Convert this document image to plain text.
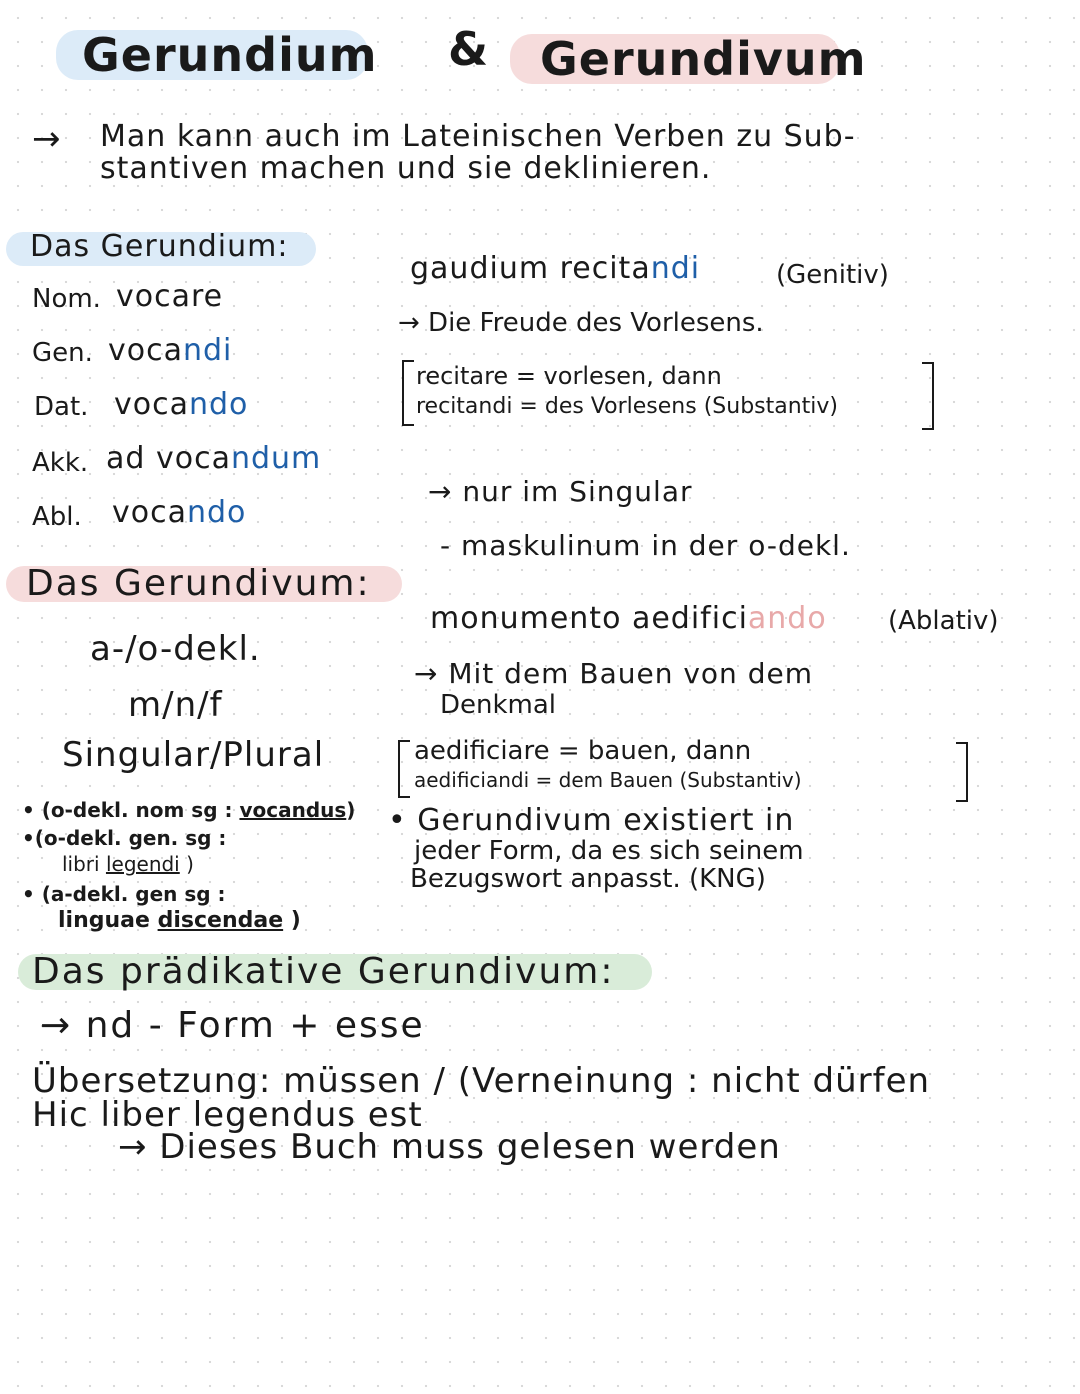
Gerundium & Gerundivum
→ Man kann auch im Lateinischen Verben zu Sub-
stantiven machen und sie deklinieren.
Das Gerundium:
Nom. vocare
Gen. vocandi
Dat. vocando
Akk. ad vocandum
Abl. vocando
gaudium recitandi	(Genitiv)
→ Die Freude des Vorlesens.
recitare = vorlesen, dann
recitandi = des Vorlesens (Substantiv)
→ nur im Singular
- maskulinum in der o-dekl.
Das Gerundivum:
a-/o-dekl.
m/n/f
Singular/Plural
• (o-dekl. nom sg : vocandus)
•(o-dekl. gen. sg :
libri legendi )
• (a-dekl. gen sg :
linguae discendae )
monumento aedificiando (Ablativ)
→ Mit dem Bauen von dem
Denkmal
aedificiare = bauen, dann
aedificiandi = dem Bauen (Substantiv)
• Gerundivum existiert in
jeder Form, da es sich seinem
Bezugswort anpasst. (KNG)
Das prädikative Gerundivum:
→ nd - Form + esse
Übersetzung: müssen / (Verneinung : nicht dürfen
Hic liber legendus est
→ Dieses Buch muss gelesen werden
